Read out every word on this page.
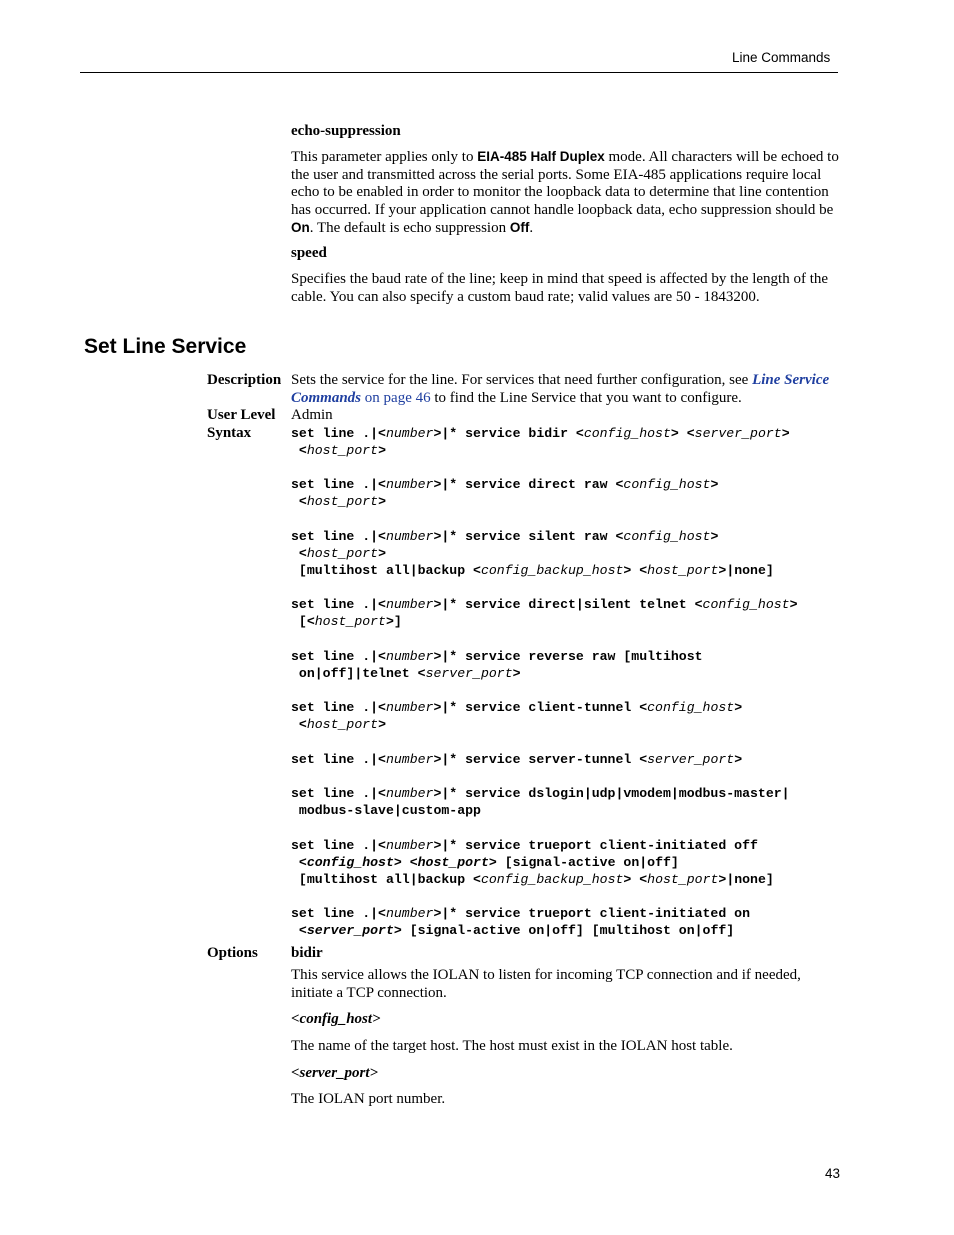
Line Commands
echo-suppression
This parameter applies only to EIA-485 Half Duplex mode. All characters will be echoed to the user and transmitted across the serial ports. Some EIA-485 applications require local echo to be enabled in order to monitor the loopback data to determine that line contention has occurred. If your application cannot handle loopback data, echo suppression should be On. The default is echo suppression Off.
speed
Specifies the baud rate of the line; keep in mind that speed is affected by the length of the cable. You can also specify a custom baud rate; valid values are 50 - 1843200.
Set Line Service
Description Sets the service for the line. For services that need further configuration, see Line Service Commands on page 46 to find the Line Service that you want to configure.
User Level Admin
Syntax	set line .|<number>|* service bidir <config_host> <server_port>
<host_port>
set line .|<number>|* service direct raw <config_host>
<host_port>
set line .|<number>|* service silent raw <config_host>
<host_port>
[multihost all|backup <config_backup_host> <host_port>|none]
set line .|<number>|* service direct|silent telnet <config_host>
[<host_port>]
set line .|<number>|* service reverse raw [multihost
on|off]|telnet <server_port>
set line .|<number>|* service client-tunnel <config_host>
<host_port>
set line .|<number>|* service server-tunnel <server_port>
set line .|<number>|* service dslogin|udp|vmodem|modbus-master|
modbus-slave|custom-app
set line .|<number>|* service trueport client-initiated off
<config_host> <host_port> [signal-active on|off]
[multihost all|backup <config_backup_host> <host_port>|none]
set line .|<number>|* service trueport client-initiated on
<server_port> [signal-active on|off] [multihost on|off]
Options bidir
This service allows the IOLAN to listen for incoming TCP connection and if needed, initiate a TCP connection.
<config_host>
The name of the target host. The host must exist in the IOLAN host table.
<server_port>
The IOLAN port number.
43
